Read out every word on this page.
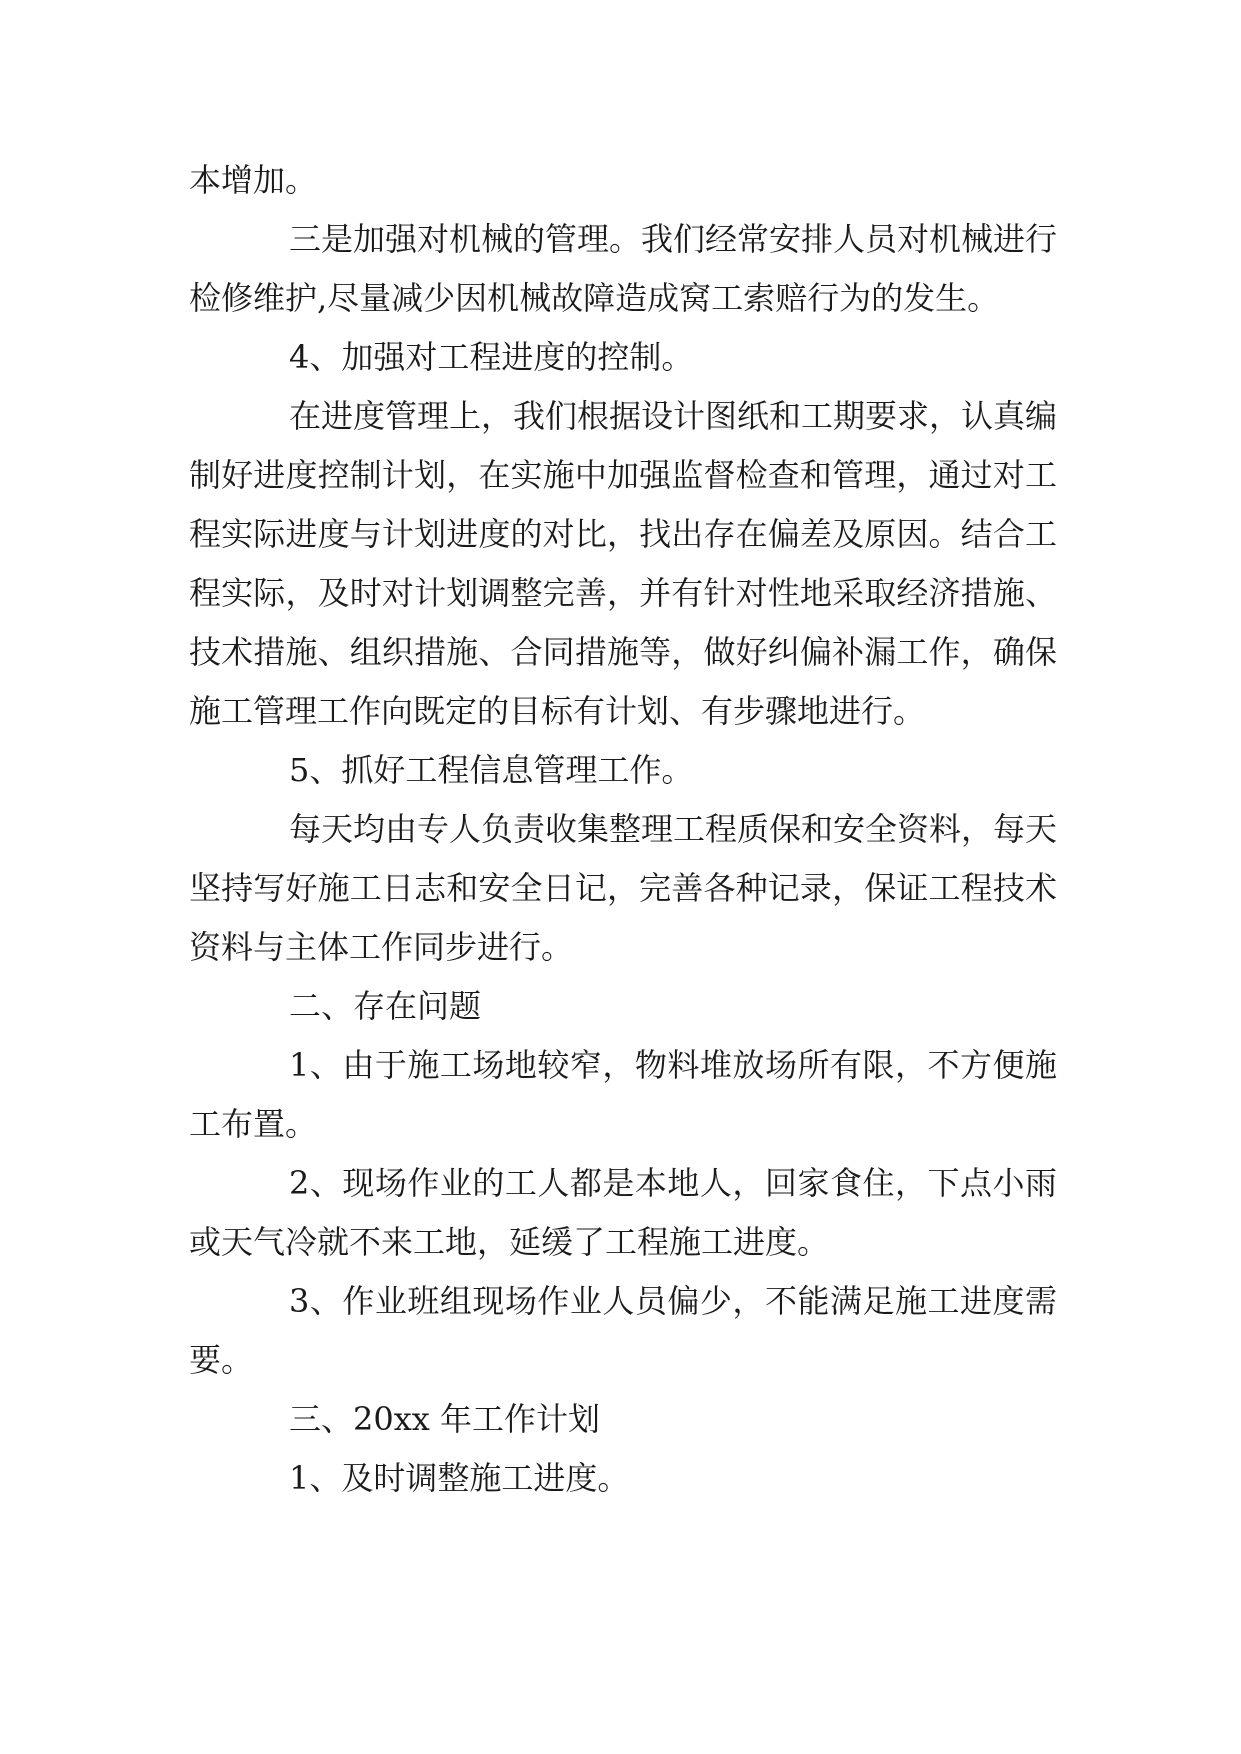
本增加。

三是加强对机械的管理。我们经常安排人员对机械进行检修维护,尽量减少因机械故障造成窝工索赔行为的发生。

4、加强对工程进度的控制。

在进度管理上，我们根据设计图纸和工期要求，认真编制好进度控制计划，在实施中加强监督检查和管理，通过对工程实际进度与计划进度的对比，找出存在偏差及原因。结合工程实际，及时对计划调整完善，并有针对性地采取经济措施、技术措施、组织措施、合同措施等，做好纠偏补漏工作，确保施工管理工作向既定的目标有计划、有步骤地进行。

5、抓好工程信息管理工作。

每天均由专人负责收集整理工程质保和安全资料，每天坚持写好施工日志和安全日记，完善各种记录，保证工程技术资料与主体工作同步进行。

二、存在问题

1、由于施工场地较窄，物料堆放场所有限，不方便施工布置。

2、现场作业的工人都是本地人，回家食住，下点小雨或天气冷就不来工地，延缓了工程施工进度。

3、作业班组现场作业人员偏少，不能满足施工进度需要。

三、20xx 年工作计划

1、及时调整施工进度。
